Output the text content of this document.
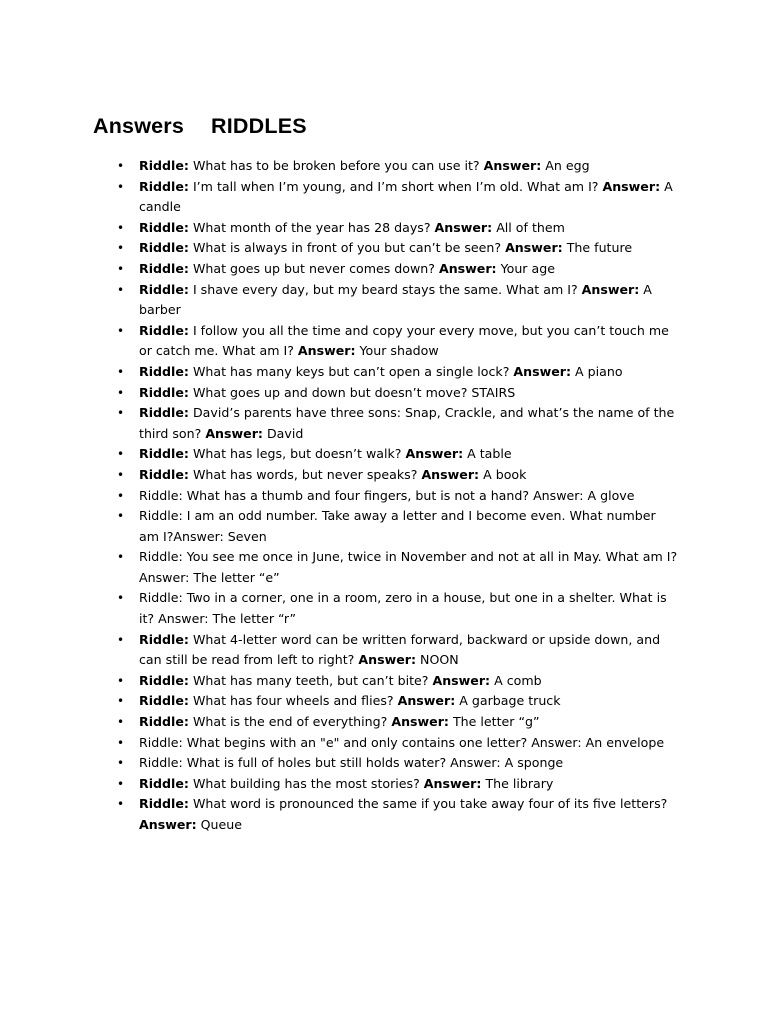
Answers RIDDLES
• Riddle: What has to be broken before you can use it? Answer: An egg
• Riddle: I’m tall when I’m young, and I’m short when I’m old. What am I? Answer: A candle
• Riddle: What month of the year has 28 days? Answer: All of them
• Riddle: What is always in front of you but can’t be seen? Answer: The future
• Riddle: What goes up but never comes down? Answer: Your age
• Riddle: I shave every day, but my beard stays the same. What am I? Answer: A barber
• Riddle: I follow you all the time and copy your every move, but you can’t touch me or catch me. What am I? Answer: Your shadow
• Riddle: What has many keys but can’t open a single lock? Answer: A piano
• Riddle: What goes up and down but doesn’t move? STAIRS
• Riddle: David’s parents have three sons: Snap, Crackle, and what’s the name of the third son? Answer: David
• Riddle: What has legs, but doesn’t walk? Answer: A table
• Riddle: What has words, but never speaks? Answer: A book
• Riddle: What has a thumb and four fingers, but is not a hand? Answer: A glove
• Riddle: I am an odd number. Take away a letter and I become even. What number am I?Answer: Seven
• Riddle: You see me once in June, twice in November and not at all in May. What am I? Answer: The letter “e”
• Riddle: Two in a corner, one in a room, zero in a house, but one in a shelter. What is it? Answer: The letter “r”
• Riddle: What 4-letter word can be written forward, backward or upside down, and can still be read from left to right? Answer: NOON
• Riddle: What has many teeth, but can’t bite? Answer: A comb
• Riddle: What has four wheels and flies? Answer: A garbage truck
• Riddle: What is the end of everything? Answer: The letter “g”
• Riddle: What begins with an "e" and only contains one letter? Answer: An envelope
• Riddle: What is full of holes but still holds water? Answer: A sponge
• Riddle: What building has the most stories? Answer: The library
• Riddle: What word is pronounced the same if you take away four of its five letters? Answer: Queue
